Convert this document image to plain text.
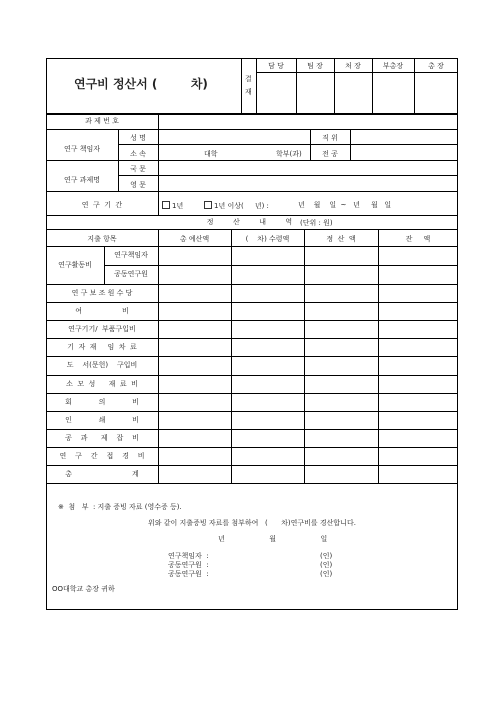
연구비 정산서 (        차)	결
재
담 당	팀 장	처 장	부총장	총 장
과 제 번 호
연구 책임자
성 명	직 위
소 속	대학	학부(과)	전 공
연구 과제명
국 문
영 문
연  구  기  간	1년	1년 이상(     년) :	년    월    일  ~   년     월   일
정  산  내  역 (단위 : 원)
지출 항목	총 예산액	(    차) 수령액	정  산  액	잔     액
연구활동비
연구책임자
공동연구원
연 구 보 조 원 수 당
여                  비
연구기기/  부품구입비
기  자  재     임  차  료
도    서(문헌)    구입비
소  모  성      재  료  비
회            의            비
인            쇄            비
공    과      제    잡    비
연    구    간    접    경    비
총                           계
※  첨   부  : 지출 증빙 자료 (영수증 등).
위와 같이 지출증빙 자료를 첨부하여   (      차)연구비를 경산합니다.
년                    월                    일
연구책임자  :	(인)
공동연구원  :	(인)
공동연구원  :	(인)
OO대학교 총장 귀하
